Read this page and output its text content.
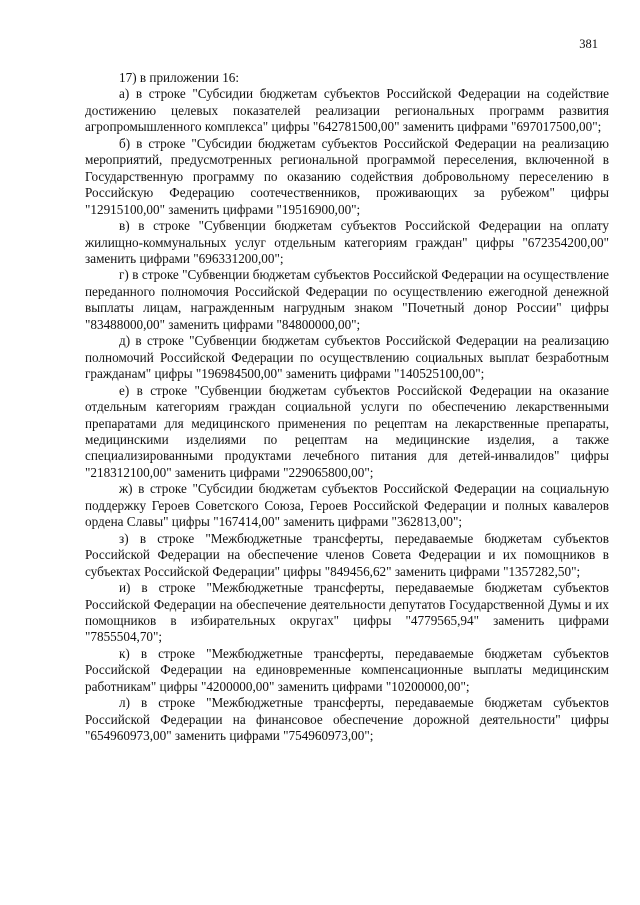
381

17) в приложении 16:

а) в строке "Субсидии бюджетам субъектов Российской Федерации на содействие достижению целевых показателей реализации региональных программ развития агропромышленного комплекса" цифры "642781500,00" заменить цифрами "697017500,00";

б) в строке "Субсидии бюджетам субъектов Российской Федерации на реализацию мероприятий, предусмотренных региональной программой переселения, включенной в Государственную программу по оказанию содействия добровольному переселению в Российскую Федерацию соотечественников, проживающих за рубежом" цифры "12915100,00" заменить цифрами "19516900,00";

в) в строке "Субвенции бюджетам субъектов Российской Федерации на оплату жилищно-коммунальных услуг отдельным категориям граждан" цифры "672354200,00" заменить цифрами "696331200,00";

г) в строке "Субвенции бюджетам субъектов Российской Федерации на осуществление переданного полномочия Российской Федерации по осуществлению ежегодной денежной выплаты лицам, награжденным нагрудным знаком "Почетный донор России" цифры "83488000,00" заменить цифрами "84800000,00";

д) в строке "Субвенции бюджетам субъектов Российской Федерации на реализацию полномочий Российской Федерации по осуществлению социальных выплат безработным гражданам" цифры "196984500,00" заменить цифрами "140525100,00";

е) в строке "Субвенции бюджетам субъектов Российской Федерации на оказание отдельным категориям граждан социальной услуги по обеспечению лекарственными препаратами для медицинского применения по рецептам на лекарственные препараты, медицинскими изделиями по рецептам на медицинские изделия, а также специализированными продуктами лечебного питания для детей-инвалидов" цифры "218312100,00" заменить цифрами "229065800,00";

ж) в строке "Субсидии бюджетам субъектов Российской Федерации на социальную поддержку Героев Советского Союза, Героев Российской Федерации и полных кавалеров ордена Славы" цифры "167414,00" заменить цифрами "362813,00";

з) в строке "Межбюджетные трансферты, передаваемые бюджетам субъектов Российской Федерации на обеспечение членов Совета Федерации и их помощников в субъектах Российской Федерации" цифры "849456,62" заменить цифрами "1357282,50";

и) в строке "Межбюджетные трансферты, передаваемые бюджетам субъектов Российской Федерации на обеспечение деятельности депутатов Государственной Думы и их помощников в избирательных округах" цифры "4779565,94" заменить цифрами "7855504,70";

к) в строке "Межбюджетные трансферты, передаваемые бюджетам субъектов Российской Федерации на единовременные компенсационные выплаты медицинским работникам" цифры "4200000,00" заменить цифрами "10200000,00";

л) в строке "Межбюджетные трансферты, передаваемые бюджетам субъектов Российской Федерации на финансовое обеспечение дорожной деятельности" цифры "654960973,00" заменить цифрами "754960973,00";
